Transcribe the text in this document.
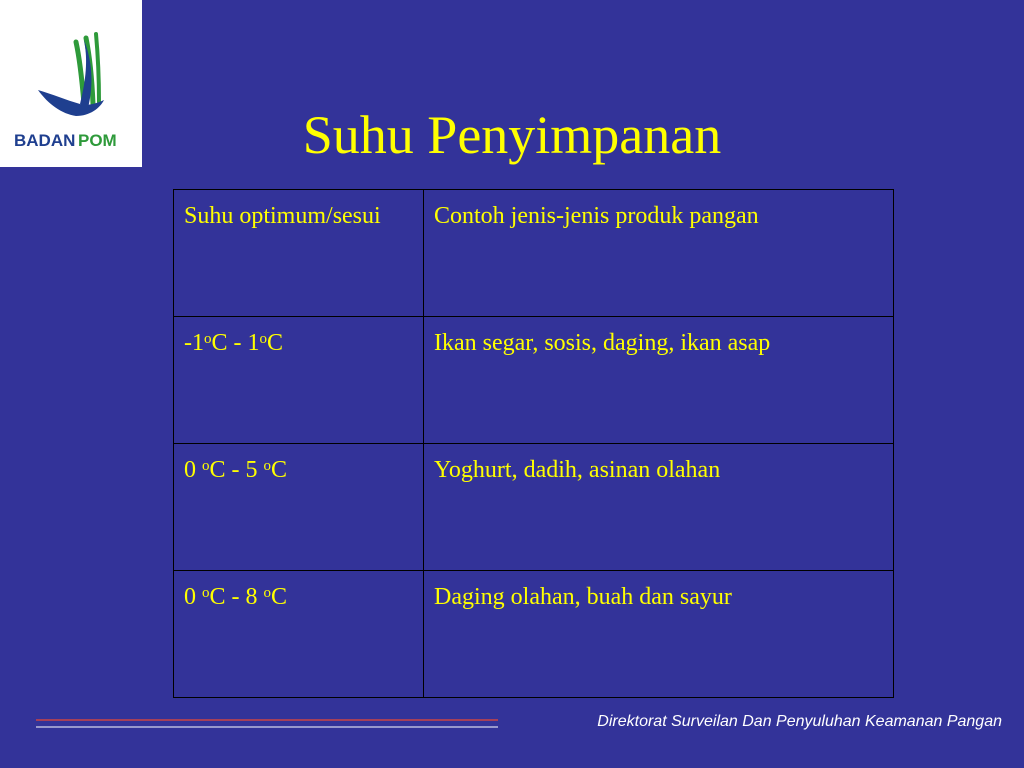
BADAN POM	Suhu Penyimpanan
Suhu optimum/sesui	Contoh jenis-jenis produk pangan
-1$^o$C - 1$^o$C	Ikan segar, sosis, daging, ikan asap
0 $^o$C - 5 $^o$C	Yoghurt, dadih, asinan olahan
0 $^o$C - 8 $^o$C	Daging olahan, buah dan sayur
Direktorat Surveilan Dan Penyuluhan Keamanan Pangan
